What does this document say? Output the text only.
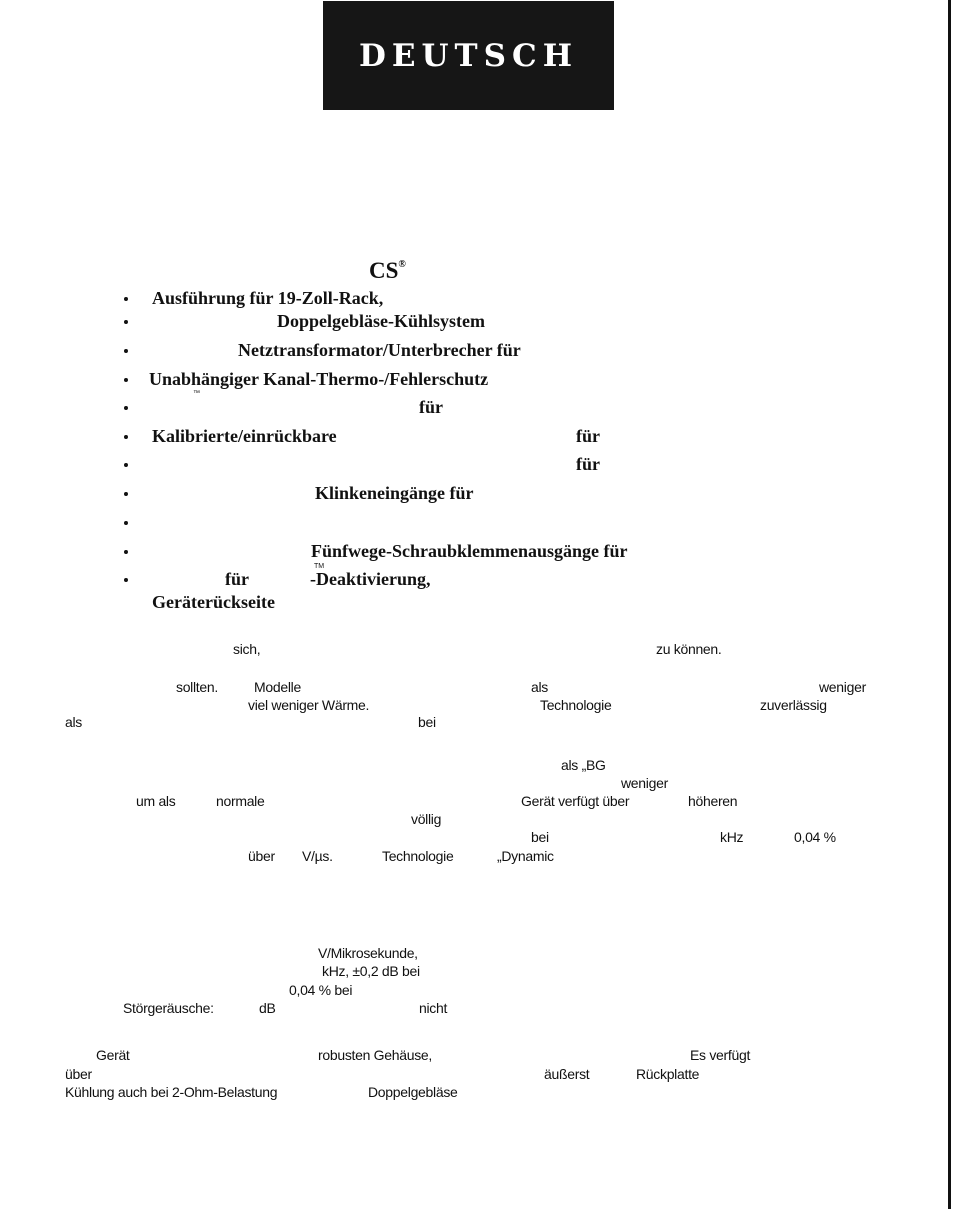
DEUTSCH
CS®

Ausführung für 19-Zoll-Rack,

Doppelgebläse-Kühlsystem

Netztransformator/Unterbrecher für

Unabhängiger Kanal-Thermo-/Fehlerschutz

™

für

Kalibrierte/einrückbare	für

für

Klinkeneingänge für

Fünfwege-Schraubklemmenausgänge für

TM

für	-Deaktivierung,

Geräterückseite

sich,	zu können.

sollten.	Modelle	als	weniger

viel weniger Wärme.	Technologie	zuverlässig

als	bei

als „BG

weniger

um als	normale	Gerät verfügt über	höheren

völlig

bei	kHz	0,04 %

über V/µs.	Technologie	„Dynamic

V/Mikrosekunde,

kHz, ±0,2 dB bei

0,04 % bei

Störgeräusche:	dB	nicht

Gerät	robusten Gehäuse,	Es verfügt

über	äußerst	Rückplatte

Kühlung auch bei 2-Ohm-Belastung	Doppelgebläse
